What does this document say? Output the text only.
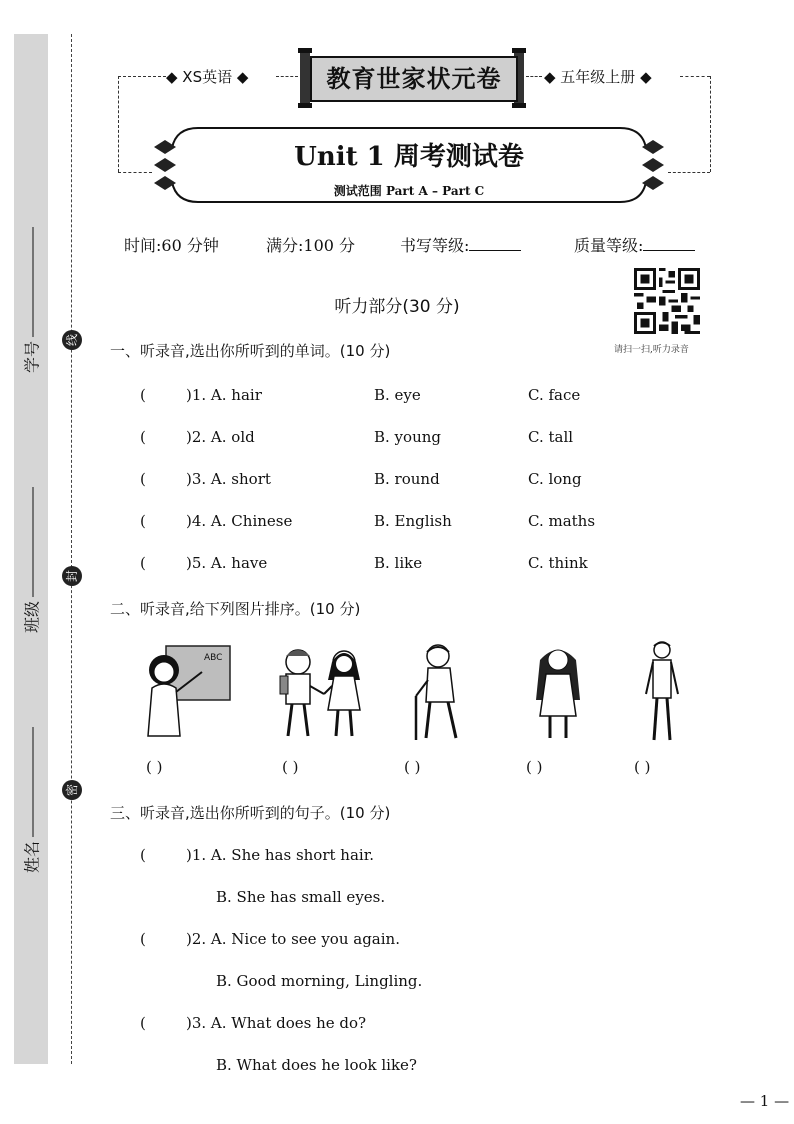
学号
班级
姓名
线
封
密
◆ XS英语 ◆	◆ 五年级上册 ◆
教育世家状元卷
Unit 1 周考测试卷
测试范围 Part A – Part C
时间:60 分钟	满分:100 分	书写等级:	质量等级:
听力部分(30 分)
请扫一扫,听力录音
一、听录音,选出你所听到的单词。(10 分)
(	)1. A. hair	B. eye	C. face
(	)2. A. old	B. young	C. tall
(	)3. A. short	B. round	C. long
(	)4. A. Chinese	B. English	C. maths
(	)5. A. have	B. like	C. think
二、听录音,给下列图片排序。(10 分)
ABC
( )	( )	( )	( )	( )
三、听录音,选出你所听到的句子。(10 分)
(	)1. A. She has short hair.
B. She has small eyes.
(	)2. A. Nice to see you again.
B. Good morning, Lingling.
(	)3. A. What does he do?
B. What does he look like?
— 1 —
